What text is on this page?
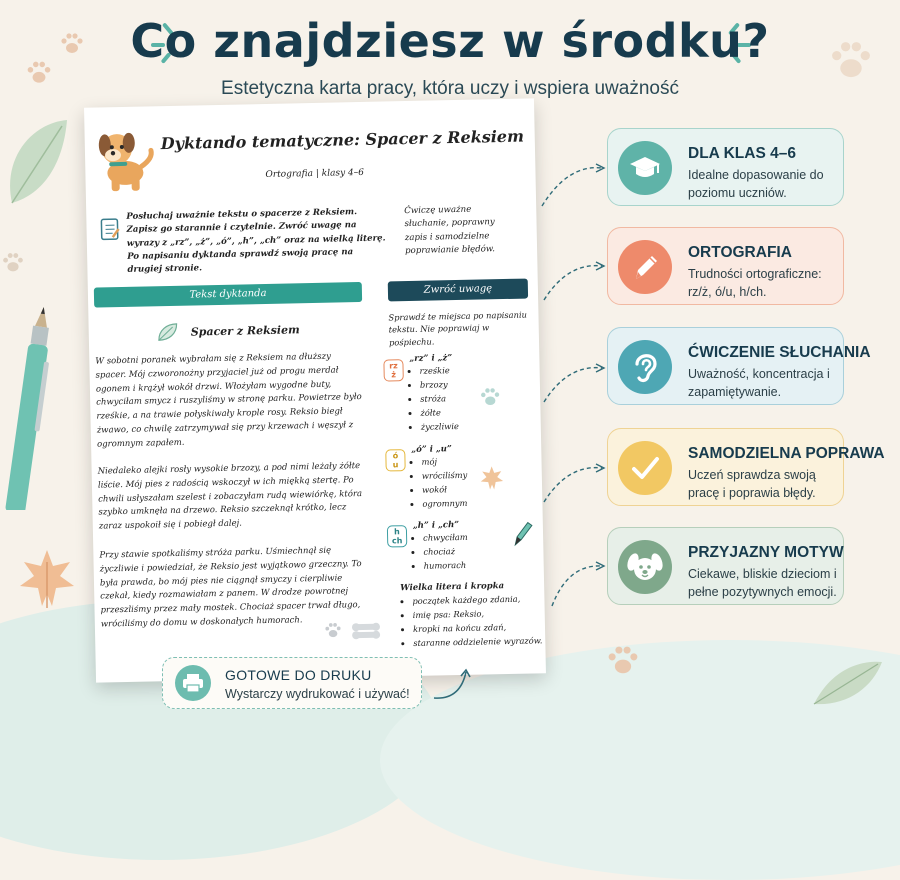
Co znajdziesz w środku?
Estetyczna karta pracy, która uczy i wspiera uważność
Dyktando tematyczne: Spacer z Reksiem
Ortografia | klasy 4–6
Posłuchaj uważnie tekstu o spacerze z Reksiem. Zapisz go starannie i czytelnie. Zwróć uwagę na wyrazy z „rz”, „ż”, „ó”, „h”, „ch” oraz na wielką literę. Po napisaniu dyktanda sprawdź swoją pracę na drugiej stronie.
Ćwiczę uważne słuchanie, poprawny zapis i samodzielne poprawianie błędów.
Tekst dyktanda	Zwróć uwagę
Spacer z Reksiem
W sobotni poranek wybrałam się z Reksiem na dłuższy spacer. Mój czworonożny przyjaciel już od progu merdał ogonem i krążył wokół drzwi. Włożyłam wygodne buty, chwyciłam smycz i ruszyliśmy w stronę parku. Powietrze było rześkie, a na trawie połyskiwały krople rosy. Reksio biegł żwawo, co chwilę zatrzymywał się przy krzewach i węszył z ogromnym zapałem.
Niedaleko alejki rosły wysokie brzozy, a pod nimi leżały żółte liście. Mój pies z radością wskoczył w ich miękką stertę. Po chwili usłyszałam szelest i zobaczyłam rudą wiewiórkę, która szybko umknęła na drzewo. Reksio szczeknął krótko, lecz zaraz uspokoił się i pobiegł dalej.
Przy stawie spotkaliśmy stróża parku. Uśmiechnął się życzliwie i powiedział, że Reksio jest wyjątkowo grzeczny. To była prawda, bo mój pies nie ciągnął smyczy i cierpliwie czekał, kiedy rozmawiałam z panem. W drodze powrotnej przeszliśmy przez mały mostek. Chociaż spacer trwał długo, wróciliśmy do domu w doskonałych humorach.
Sprawdź te miejsca po napisaniu tekstu. Nie poprawiaj w pośpiechu.
rz
ż
„rz” i „ż”
• rześkie
• brzozy
• stróża
• żółte
• życzliwie
ó
u
„ó” i „u”
• mój
• wróciliśmy
• wokół
• ogromnym
h
ch
„h” i „ch”
• chwyciłam
• chociaż
• humorach
Wielka litera i kropka
• początek każdego zdania,
• imię psa: Reksio,
• kropki na końcu zdań,
• staranne oddzielenie wyrazów.
DLA KLAS 4–6
Idealne dopasowanie do poziomu uczniów.
ORTOGRAFIA
Trudności ortograficzne: rz/ż, ó/u, h/ch.
ĆWICZENIE SŁUCHANIA
Uważność, koncentracja i zapamiętywanie.
SAMODZIELNA POPRAWA
Uczeń sprawdza swoją pracę i poprawia błędy.
PRZYJAZNY MOTYW
Ciekawe, bliskie dzieciom i pełne pozytywnych emocji.
GOTOWE DO DRUKU
Wystarczy wydrukować i używać!
